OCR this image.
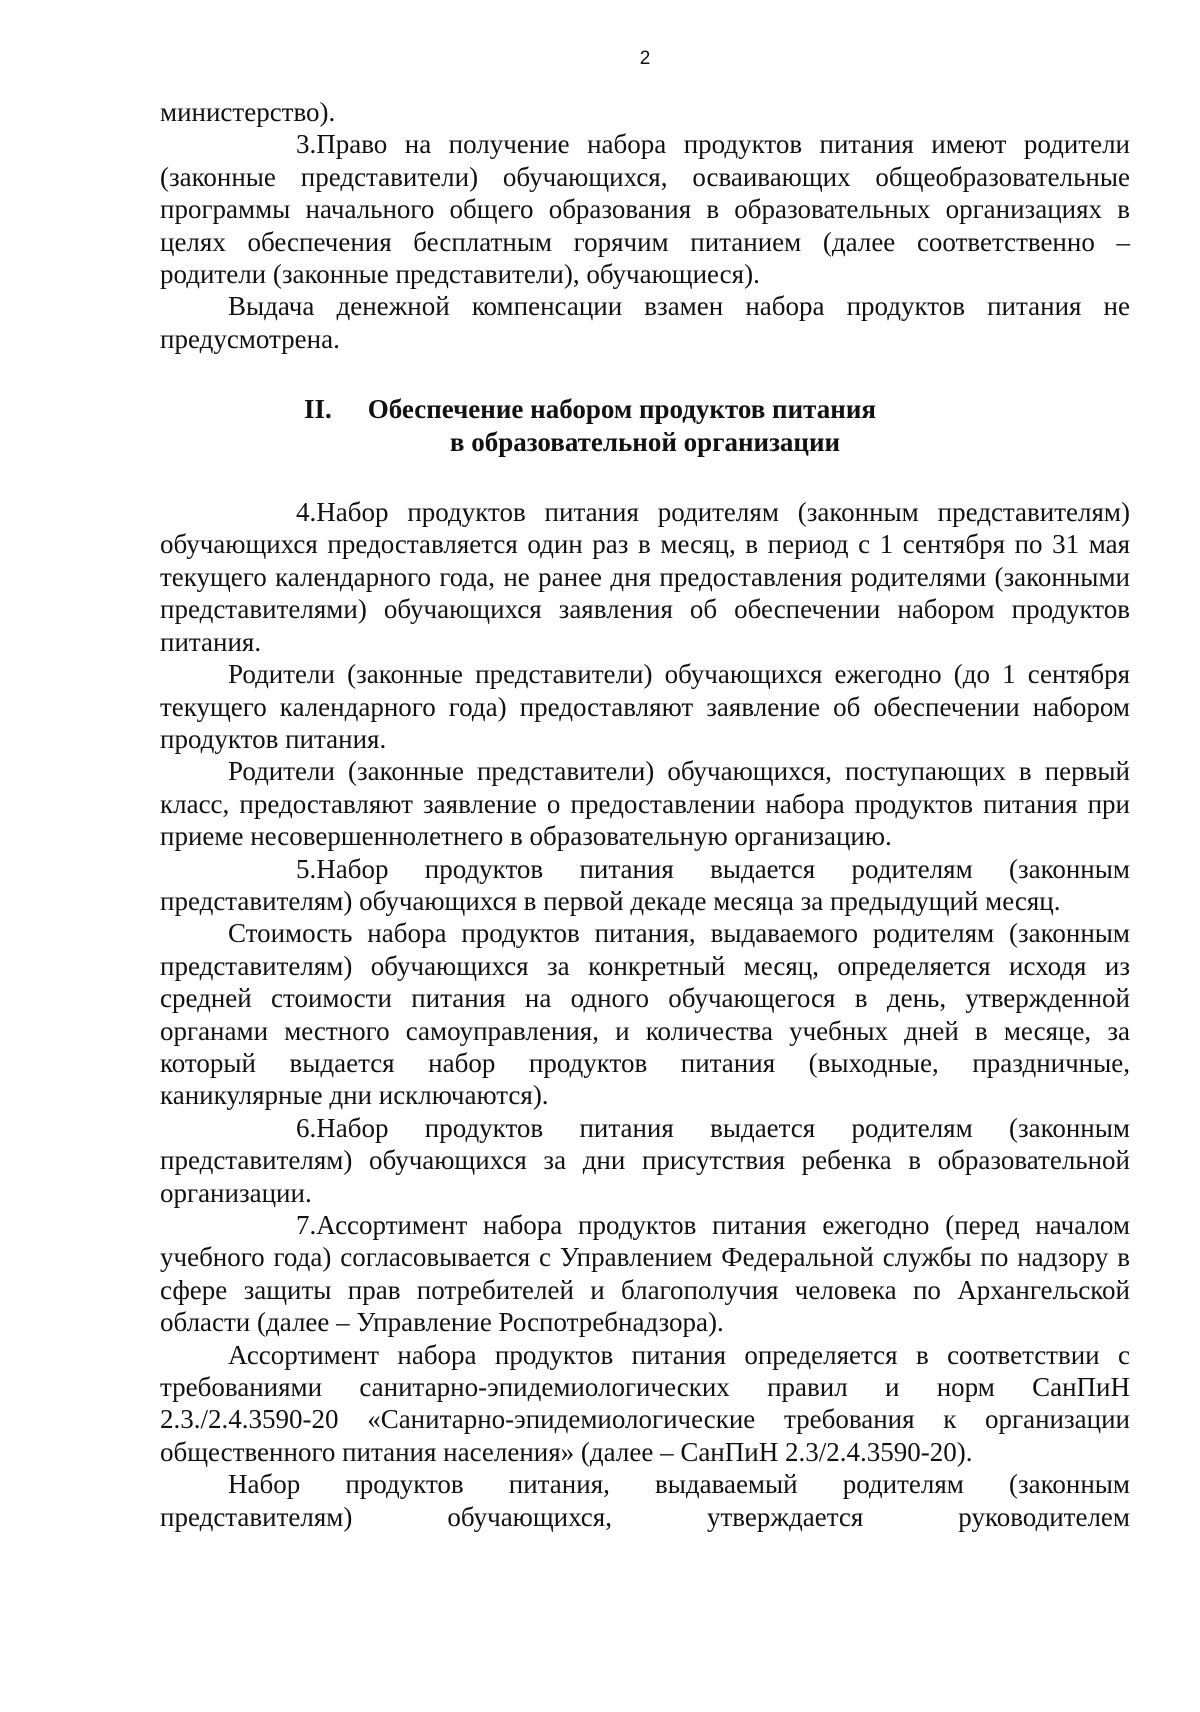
2

министерство).

3.Право на получение набора продуктов питания имеют родители (законные представители) обучающихся, осваивающих общеобразовательные программы начального общего образования в образовательных организациях в целях обеспечения бесплатным горячим питанием (далее соответственно – родители (законные представители), обучающиеся).

Выдача денежной компенсации взамен набора продуктов питания не предусмотрена.

II. Обеспечение набором продуктов питания
в образовательной организации

4.Набор продуктов питания родителям (законным представителям) обучающихся предоставляется один раз в месяц, в период с 1 сентября по 31 мая текущего календарного года, не ранее дня предоставления родителями (законными представителями) обучающихся заявления об обеспечении набором продуктов питания.

Родители (законные представители) обучающихся ежегодно (до 1 сентября текущего календарного года) предоставляют заявление об обеспечении набором продуктов питания.

Родители (законные представители) обучающихся, поступающих в первый класс, предоставляют заявление о предоставлении набора продуктов питания при приеме несовершеннолетнего в образовательную организацию.

5.Набор продуктов питания выдается родителям (законным представителям) обучающихся в первой декаде месяца за предыдущий месяц.

Стоимость набора продуктов питания, выдаваемого родителям (законным представителям) обучающихся за конкретный месяц, определяется исходя из средней стоимости питания на одного обучающегося в день, утвержденной органами местного самоуправления, и количества учебных дней в месяце, за который выдается набор продуктов питания (выходные, праздничные, каникулярные дни исключаются).

6.Набор продуктов питания выдается родителям (законным представителям) обучающихся за дни присутствия ребенка в образовательной организации.

7.Ассортимент набора продуктов питания ежегодно (перед началом учебного года) согласовывается с Управлением Федеральной службы по надзору в сфере защиты прав потребителей и благополучия человека по Архангельской области (далее – Управление Роспотребнадзора).

Ассортимент набора продуктов питания определяется в соответствии с требованиями санитарно-эпидемиологических правил и норм СанПиН 2.3./2.4.3590-20 «Санитарно-эпидемиологические требования к организации общественного питания населения» (далее – СанПиН 2.3/2.4.3590-20).

Набор продуктов питания, выдаваемый родителям (законным представителям) обучающихся, утверждается руководителем
